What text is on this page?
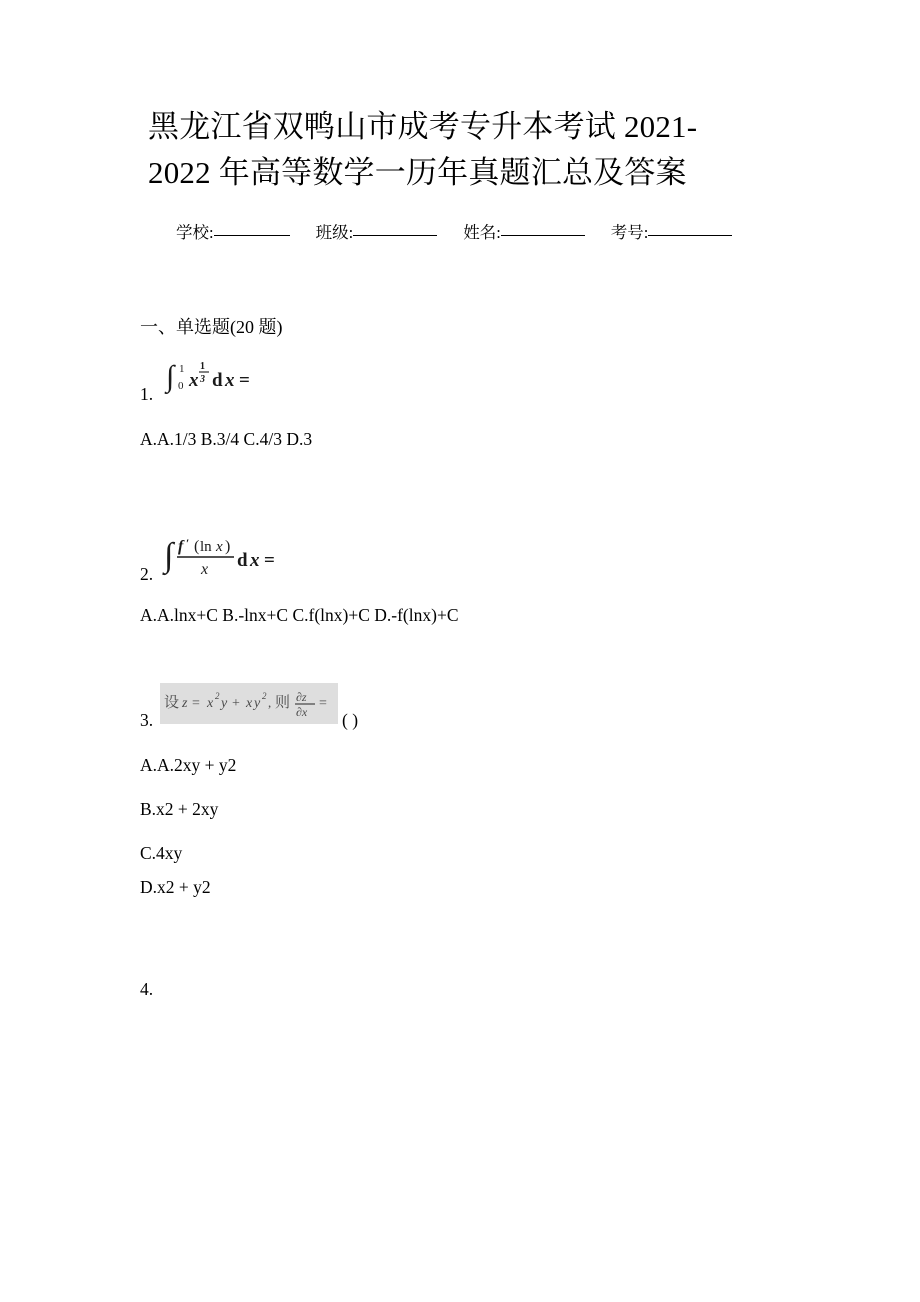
黑龙江省双鸭山市成考专升本考试 2021-
2022 年高等数学一历年真题汇总及答案
学校:	班级:	姓名:	考号:
一、单选题(20 题)
1.
∫ 0
1
x
1
3 d x =
A.A.1/3 B.3/4 C.4/3 D.3
2. ∫ f ′ ( ln x )
x d x =
A.A.lnx+C B.-lnx+C C.f(lnx)+C D.-f(lnx)+C
3.
设 z = x 2 y + x y 2 , 则 ∂z
∂x
=
( )
A.A.2xy + y2
B.x2 + 2xy
C.4xy
D.x2 + y2
4.
